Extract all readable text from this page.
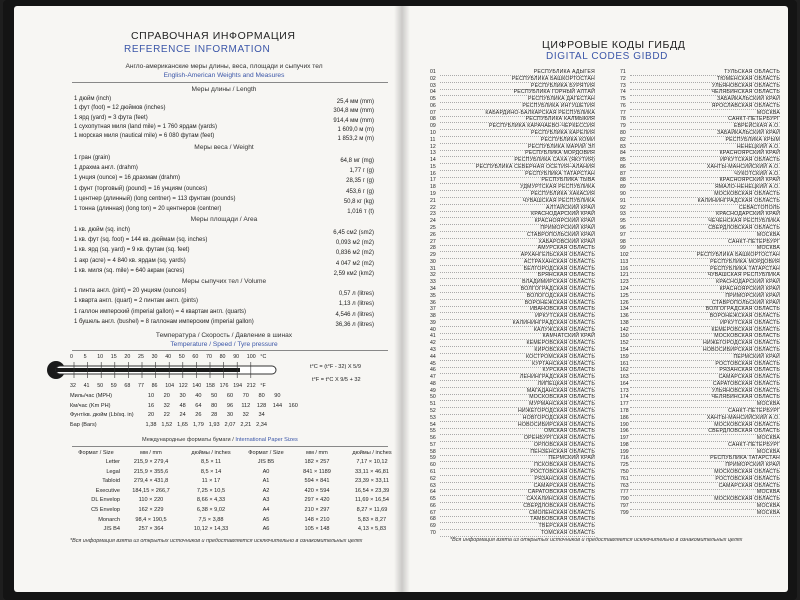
СПРАВОЧНАЯ ИНФОРМАЦИЯ
REFERENCE INFORMATION
Англо-американские меры длины, веса, площади и сыпучих тел
English-American Weights and Measures
Меры длины / Length
1 дюйм (inch)	25,4 мм (mm)
1 фут (foot) = 12 дюймов (inches)	304,8 мм (mm)
1 ярд (yard) = 3 фута (feet)	914,4 мм (mm)
1 сухопутная миля (land mile) = 1 760 ярдам (yards)	1 609,0 м (m)
1 морская миля (nautical mile) = 6 080 футам (feet)	1 853,2 м (m)
Меры веса / Weight
1 гран (grain)	64,8 мг (mg)
1 драхма англ. (drahm)	1,77 г (g)
1 унция (ounce) = 16 драхмам (drahm)	28,35 г (g)
1 фунт (торговый) (pound) = 16 унциям (ounces)	453,6 г (g)
1 центнер (длинный) (long centner) = 113 фунтам (pounds)	50,8 кг (kg)
1 тонна (длинная) (long ton) = 20 центнеров (centner)	1,016 т (t)
Меры площади / Area
1 кв. дюйм (sq. inch)	6,45 см2 (sm2)
1 кв. фут (sq. foot) = 144 кв. дюймам (sq. inches)	0,093 м2 (m2)
1 кв. ярд (sq. yard) = 9 кв. футам (sq. feet)	0,836 м2 (m2)
1 акр (acre) = 4 840 кв. ярдам (sq. yards)	4 047 м2 (m2)
1 кв. миля (sq. mile) = 640 акрам (acres)	2,59 км2 (km2)
Меры сыпучих тел / Volume
1 пинта англ. (pint) = 20 унциям (ounces)	0,57 л (litres)
1 кварта англ. (quart) = 2 пинтам англ. (pints)	1,13 л (litres)
1 галлон имперский (imperial gallon) = 4 квартам англ. (quarts)	4,546 л (litres)
1 бушель англ. (bushel) = 8 галлонам имперским (imperial gallon)	36,36 л (litres)
Температура / Скорость / Давление в шинах
Temperature / Speed / Tyre pressure
0 5 10 15 20 25 30 40 50 60 70 80 90 100 °C
32 41 50 59 68 77 86 104 122 140 158 176 194 212 °F
t°C = (t°F - 32) X 5/9
t°F = t°C X 9/5 + 32
Миль/час (MPH)	10	20	30	40	50	60	70	80	90
Км/час (Km PH)	16	32	48	64	80	96	112	128	144	160
Фунт/кв. дюйм (Lb/sq. in)	20	22	24	26	28	30	32	34
Бар (Bars)	1,38 1,52 1,65 1,79 1,93 2,07 2,21 2,34
Международные форматы бумаги / International Paper Sizes
Формат / Size	мм / mm	дюймы / inches	Формат / Size	мм / mm	дюймы / inches
Letter	215,9 × 279,4	8,5 × 11	JIS B5	182 × 257	7,17 × 10,12
Legal	215,9 × 355,6	8,5 × 14	A0	841 × 1189	33,11 × 46,81
Tabloid	279,4 × 431,8	11 × 17	A1	594 × 841	23,39 × 33,11
Executive	184,15 × 266,7	7,25 × 10,5	A2	420 × 594	16,54 × 23,39
DL Envelop	110 × 220	8,66 × 4,33	A3	297 × 420	11,69 × 16,54
C5 Envelop	162 × 229	6,38 × 9,02	A4	210 × 297	8,27 × 11,69
Monarch	98,4 × 190,5	7,5 × 3,88	A5	148 × 210	5,83 × 8,27
JIS B4	257 × 364	10,12 × 14,33	A6	105 × 148	4,13 × 5,83
*Вся информация взята из открытых источников и предоставляется исключительно в ознакомительных целях
ЦИФРОВЫЕ КОДЫ ГИБДД
DIGITAL CODES GIBDD
01	РЕСПУБЛИКА АДЫГЕЯ	71	ТУЛЬСКАЯ ОБЛАСТЬ
02	РЕСПУБЛИКА БАШКОРТОСТАН	72	ТЮМЕНСКАЯ ОБЛАСТЬ
03	РЕСПУБЛИКА БУРЯТИЯ	73	УЛЬЯНОВСКАЯ ОБЛАСТЬ
04	РЕСПУБЛИКА ГОРНЫЙ АЛТАЙ	74	ЧЕЛЯБИНСКАЯ ОБЛАСТЬ
05	РЕСПУБЛИКА ДАГЕСТАН	75	ЗАБАЙКАЛЬСКИЙ КРАЙ
06	РЕСПУБЛИКА ИНГУШЕТИЯ	76	ЯРОСЛАВСКАЯ ОБЛАСТЬ
07	КАБАРДИНО-БАЛКАРСКАЯ РЕСПУБЛИКА	77	МОСКВА
08	РЕСПУБЛИКА КАЛМЫКИЯ	78	САНКТ-ПЕТЕРБУРГ
09	РЕСПУБЛИКА КАРАЧАЕВО-ЧЕРКЕССИЯ	79	ЕВРЕЙСКАЯ А.О.
10	РЕСПУБЛИКА КАРЕЛИЯ	80	ЗАБАЙКАЛЬСКИЙ КРАЙ
11	РЕСПУБЛИКА КОМИ	82	РЕСПУБЛИКА КРЫМ
12	РЕСПУБЛИКА МАРИЙ ЭЛ	83	НЕНЕЦКИЙ А.О.
13	РЕСПУБЛИКА МОРДОВИЯ	84	КРАСНОЯРСКИЙ КРАЙ
14	РЕСПУБЛИКА САХА (ЯКУТИЯ)	85	ИРКУТСКАЯ ОБЛАСТЬ
15	РЕСПУБЛИКА СЕВЕРНАЯ ОСЕТИЯ–АЛАНИЯ	86	ХАНТЫ-МАНСИЙСКИЙ А.О.
16	РЕСПУБЛИКА ТАТАРСТАН	87	ЧУКОТСКИЙ А.О.
17	РЕСПУБЛИКА ТЫВА	88	КРАСНОЯРСКИЙ КРАЙ
18	УДМУРТСКАЯ РЕСПУБЛИКА	89	ЯМАЛО-НЕНЕЦКИЙ А.О.
19	РЕСПУБЛИКА ХАКАСИЯ	90	МОСКОВСКАЯ ОБЛАСТЬ
21	ЧУВАШСКАЯ РЕСПУБЛИКА	91	КАЛИНИНГРАДСКАЯ ОБЛАСТЬ
22	АЛТАЙСКИЙ КРАЙ	92	СЕВАСТОПОЛЬ
23	КРАСНОДАРСКИЙ КРАЙ	93	КРАСНОДАРСКИЙ КРАЙ
24	КРАСНОЯРСКИЙ КРАЙ	95	ЧЕЧЕНСКАЯ РЕСПУБЛИКА
25	ПРИМОРСКИЙ КРАЙ	96	СВЕРДЛОВСКАЯ ОБЛАСТЬ
26	СТАВРОПОЛЬСКИЙ КРАЙ	97	МОСКВА
27	ХАБАРОВСКИЙ КРАЙ	98	САНКТ-ПЕТЕРБУРГ
28	АМУРСКАЯ ОБЛАСТЬ	99	МОСКВА
29	АРХАНГЕЛЬСКАЯ ОБЛАСТЬ	102	РЕСПУБЛИКА БАШКОРТОСТАН
30	АСТРАХАНСКАЯ ОБЛАСТЬ	113	РЕСПУБЛИКА МОРДОВИЯ
31	БЕЛГОРОДСКАЯ ОБЛАСТЬ	116	РЕСПУБЛИКА ТАТАРСТАН
32	БРЯНСКАЯ ОБЛАСТЬ	121	ЧУВАШСКАЯ РЕСПУБЛИКА
33	ВЛАДИМИРСКАЯ ОБЛАСТЬ	123	КРАСНОДАРСКИЙ КРАЙ
34	ВОЛГОГРАДСКАЯ ОБЛАСТЬ	124	КРАСНОЯРСКИЙ КРАЙ
35	ВОЛОГОДСКАЯ ОБЛАСТЬ	125	ПРИМОРСКИЙ КРАЙ
36	ВОРОНЕЖСКАЯ ОБЛАСТЬ	126	СТАВРОПОЛЬСКИЙ КРАЙ
37	ИВАНОВСКАЯ ОБЛАСТЬ	134	ВОЛГОГРАДСКАЯ ОБЛАСТЬ
38	ИРКУТСКАЯ ОБЛАСТЬ	136	ВОРОНЕЖСКАЯ ОБЛАСТЬ
39	КАЛИНИНГРАДСКАЯ ОБЛАСТЬ	138	ИРКУТСКАЯ ОБЛАСТЬ
40	КАЛУЖСКАЯ ОБЛАСТЬ	142	КЕМЕРОВСКАЯ ОБЛАСТЬ
41	КАМЧАТСКИЙ КРАЙ	150	МОСКОВСКАЯ ОБЛАСТЬ
42	КЕМЕРОВСКАЯ ОБЛАСТЬ	152	НИЖЕГОРОДСКАЯ ОБЛАСТЬ
43	КИРОВСКАЯ ОБЛАСТЬ	154	НОВОСИБИРСКАЯ ОБЛАСТЬ
44	КОСТРОМСКАЯ ОБЛАСТЬ	159	ПЕРМСКИЙ КРАЙ
45	КУРГАНСКАЯ ОБЛАСТЬ	161	РОСТОВСКАЯ ОБЛАСТЬ
46	КУРСКАЯ ОБЛАСТЬ	162	РЯЗАНСКАЯ ОБЛАСТЬ
47	ЛЕНИНГРАДСКАЯ ОБЛАСТЬ	163	САМАРСКАЯ ОБЛАСТЬ
48	ЛИПЕЦКАЯ ОБЛАСТЬ	164	САРАТОВСКАЯ ОБЛАСТЬ
49	МАГАДАНСКАЯ ОБЛАСТЬ	173	УЛЬЯНОВСКАЯ ОБЛАСТЬ
50	МОСКОВСКАЯ ОБЛАСТЬ	174	ЧЕЛЯБИНСКАЯ ОБЛАСТЬ
51	МУРМАНСКАЯ ОБЛАСТЬ	177	МОСКВА
52	НИЖЕГОРОДСКАЯ ОБЛАСТЬ	178	САНКТ-ПЕТЕРБУРГ
53	НОВГОРОДСКАЯ ОБЛАСТЬ	186	ХАНТЫ-МАНСИЙСКИЙ А.О.
54	НОВОСИБИРСКАЯ ОБЛАСТЬ	190	МОСКОВСКАЯ ОБЛАСТЬ
55	ОМСКАЯ ОБЛАСТЬ	196	СВЕРДЛОВСКАЯ ОБЛАСТЬ
56	ОРЕНБУРГСКАЯ ОБЛАСТЬ	197	МОСКВА
57	ОРЛОВСКАЯ ОБЛАСТЬ	198	САНКТ-ПЕТЕРБУРГ
58	ПЕНЗЕНСКАЯ ОБЛАСТЬ	199	МОСКВА
59	ПЕРМСКИЙ КРАЙ	716	РЕСПУБЛИКА ТАТАРСТАН
60	ПСКОВСКАЯ ОБЛАСТЬ	725	ПРИМОРСКИЙ КРАЙ
61	РОСТОВСКАЯ ОБЛАСТЬ	750	МОСКОВСКАЯ ОБЛАСТЬ
62	РЯЗАНСКАЯ ОБЛАСТЬ	761	РОСТОВСКАЯ ОБЛАСТЬ
63	САМАРСКАЯ ОБЛАСТЬ	763	САМАРСКАЯ ОБЛАСТЬ
64	САРАТОВСКАЯ ОБЛАСТЬ	777	МОСКВА
65	САХАЛИНСКАЯ ОБЛАСТЬ	790	МОСКОВСКАЯ ОБЛАСТЬ
66	СВЕРДЛОВСКАЯ ОБЛАСТЬ	797	МОСКВА
67	СМОЛЕНСКАЯ ОБЛАСТЬ	799	МОСКВА
68	ТАМБОВСКАЯ ОБЛАСТЬ
69	ТВЕРСКАЯ ОБЛАСТЬ
70	ТОМСКАЯ ОБЛАСТЬ
*Вся информация взята из открытых источников и предоставляется исключительно в ознакомительных целях
